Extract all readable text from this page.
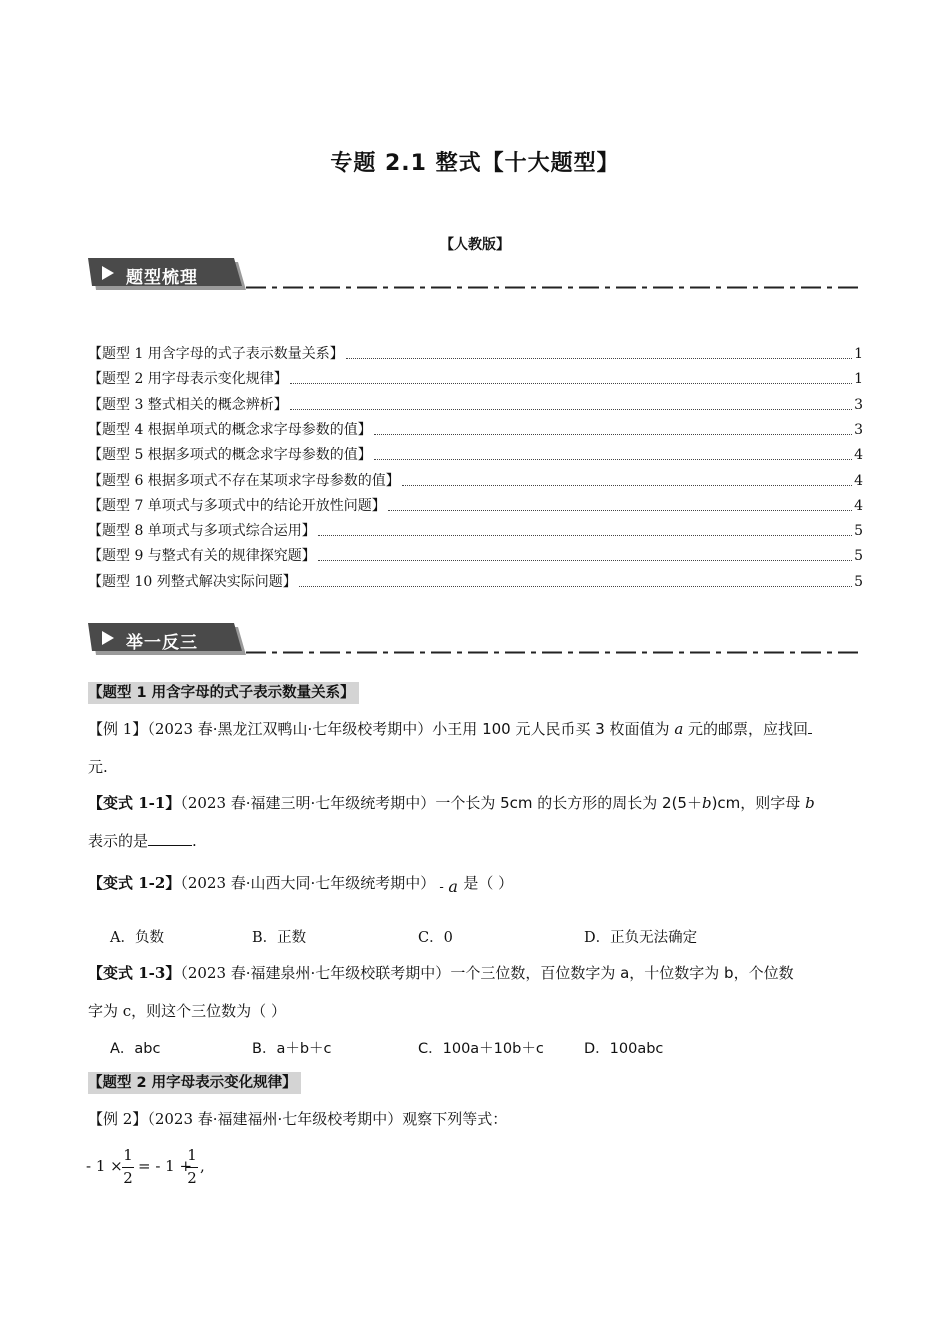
专题 2.1 整式【十大题型】
【人教版】
题型梳理
【题型 1 用含字母的式子表示数量关系】	1
【题型 2 用字母表示变化规律】	1
【题型 3 整式相关的概念辨析】	3
【题型 4 根据单项式的概念求字母参数的值】	3
【题型 5 根据多项式的概念求字母参数的值】	4
【题型 6 根据多项式不存在某项求字母参数的值】	4
【题型 7 单项式与多项式中的结论开放性问题】	4
【题型 8 单项式与多项式综合运用】	5
【题型 9 与整式有关的规律探究题】	5
【题型 10 列整式解决实际问题】	5
举一反三
【题型 1 用含字母的式子表示数量关系】
【例 1】（2023 春·黑龙江双鸭山·七年级校考期中）小王用 100 元人民币买 3 枚面值为 a 元的邮票，应找回
元.
【变式 1-1】（2023 春·福建三明·七年级统考期中）一个长为 5cm 的长方形的周长为 2(5＋b)cm，则字母 b
表示的是	.
【变式 1-2】（2023 春·山西大同·七年级统考期中） - a 是（ ）
A．负数	B．正数	C．0	D．正负无法确定
【变式 1-3】（2023 春·福建泉州·七年级校联考期中）一个三位数，百位数字为 a，十位数字为 b，个位数
字为 c，则这个三位数为（ ）
A．abc	B．a＋b＋c	C．100a＋10b＋c	D．100abc
【题型 2 用字母表示变化规律】
【例 2】（2023 春·福建福州·七年级校考期中）观察下列等式：
- 1 ×
1
2
= - 1 +
1
2
,
